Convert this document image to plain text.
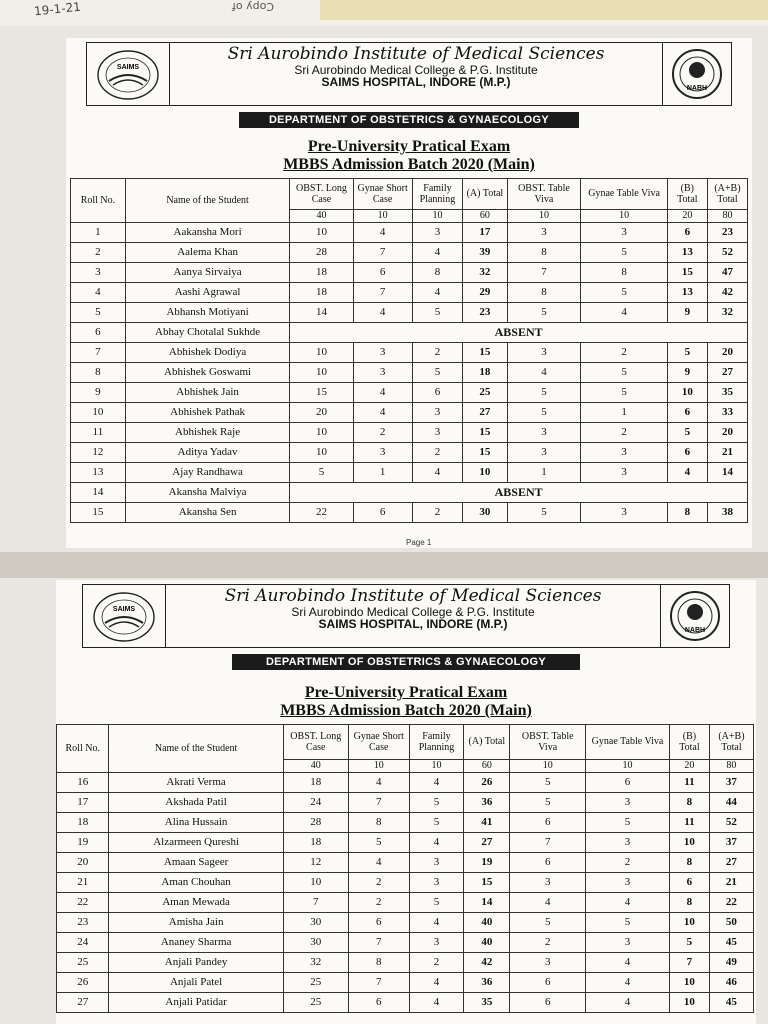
19-1-21	Copy of
SAIMS
Sri Aurobindo Institute of Medical Sciences
Sri Aurobindo Medical College & P.G. Institute
SAIMS HOSPITAL, INDORE (M.P.)	NABH
DEPARTMENT OF OBSTETRICS & GYNAECOLOGY
Pre-University Pratical Exam
MBBS Admission Batch 2020 (Main)
Roll No.	Name of the Student	OBST. Long Case	Gynae Short Case	Family Planning	(A) Total	OBST. Table Viva	Gynae Table Viva	(B) Total	(A+B) Total
		40	10	10	60	10	10	20	80
1	Aakansha Mori	10	4	3	17	3	3	6	23
2	Aalema Khan	28	7	4	39	8	5	13	52
3	Aanya Sirvaiya	18	6	8	32	7	8	15	47
4	Aashi Agrawal	18	7	4	29	8	5	13	42
5	Abhansh Motiyani	14	4	5	23	5	4	9	32
6	Abhay Chotalal Sukhde	ABSENT							
7	Abhishek Dodiya	10	3	2	15	3	2	5	20
8	Abhishek Goswami	10	3	5	18	4	5	9	27
9	Abhishek Jain	15	4	6	25	5	5	10	35
10	Abhishek Pathak	20	4	3	27	5	1	6	33
11	Abhishek Raje	10	2	3	15	3	2	5	20
12	Aditya Yadav	10	3	2	15	3	3	6	21
13	Ajay Randhawa	5	1	4	10	1	3	4	14
14	Akansha Malviya	ABSENT							
15	Akansha Sen	22	6	2	30	5	3	8	38
Page 1
SAIMS
Sri Aurobindo Institute of Medical Sciences
Sri Aurobindo Medical College & P.G. Institute
SAIMS HOSPITAL, INDORE (M.P.)	NABH
DEPARTMENT OF OBSTETRICS & GYNAECOLOGY
Pre-University Pratical Exam
MBBS Admission Batch 2020 (Main)
Roll No.	Name of the Student	OBST. Long Case	Gynae Short Case	Family Planning	(A) Total	OBST. Table Viva	Gynae Table Viva	(B) Total	(A+B) Total
		40	10	10	60	10	10	20	80
16	Akrati Verma	18	4	4	26	5	6	11	37
17	Akshada Patil	24	7	5	36	5	3	8	44
18	Alina Hussain	28	8	5	41	6	5	11	52
19	Alzarmeen Qureshi	18	5	4	27	7	3	10	37
20	Amaan Sageer	12	4	3	19	6	2	8	27
21	Aman Chouhan	10	2	3	15	3	3	6	21
22	Aman Mewada	7	2	5	14	4	4	8	22
23	Amisha Jain	30	6	4	40	5	5	10	50
24	Ananey Sharma	30	7	3	40	2	3	5	45
25	Anjali Pandey	32	8	2	42	3	4	7	49
26	Anjali Patel	25	7	4	36	6	4	10	46
27	Anjali Patidar	25	6	4	35	6	4	10	45
